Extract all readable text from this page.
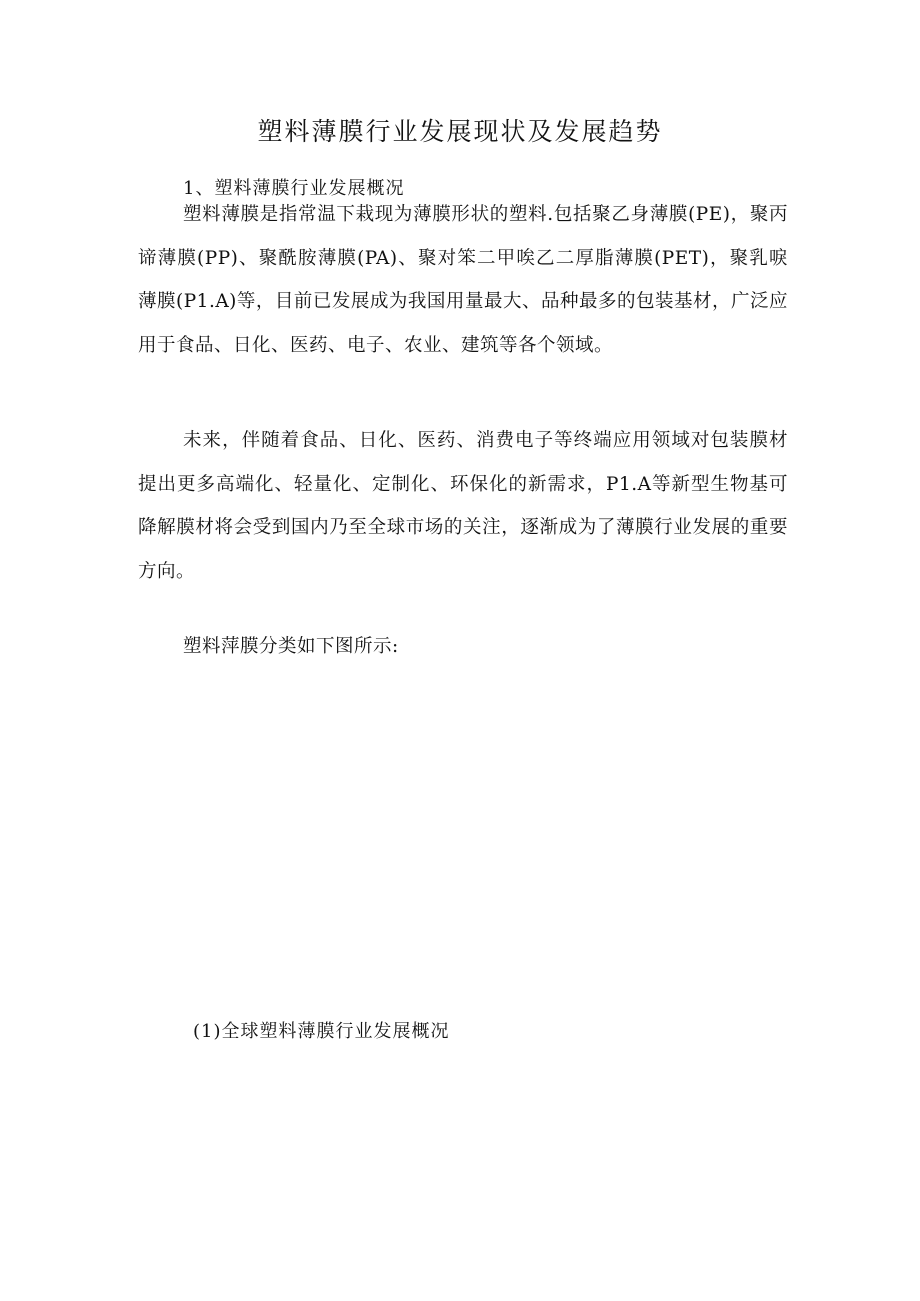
塑料薄膜行业发展现状及发展趋势
1、塑料薄膜行业发展概况

塑料薄膜是指常温下栽现为薄膜形状的塑料.包括聚乙身薄膜(PE)，聚丙谛薄膜(PP)、聚酰胺薄膜(PA)、聚对笨二甲唉乙二厚脂薄膜(PET)，聚乳唳薄膜(P1.A)等，目前已发展成为我国用量最大、品种最多的包装基材，广泛应用于食品、日化、医药、电子、农业、建筑等各个领域。

未来，伴随着食品、日化、医药、消费电子等终端应用领域对包装膜材提出更多高端化、轻量化、定制化、环保化的新需求，P1.A等新型生物基可降解膜材将会受到国内乃至全球市场的关注，逐渐成为了薄膜行业发展的重要方向。

塑料萍膜分类如下图所示:

(1)全球塑料薄膜行业发展概况
